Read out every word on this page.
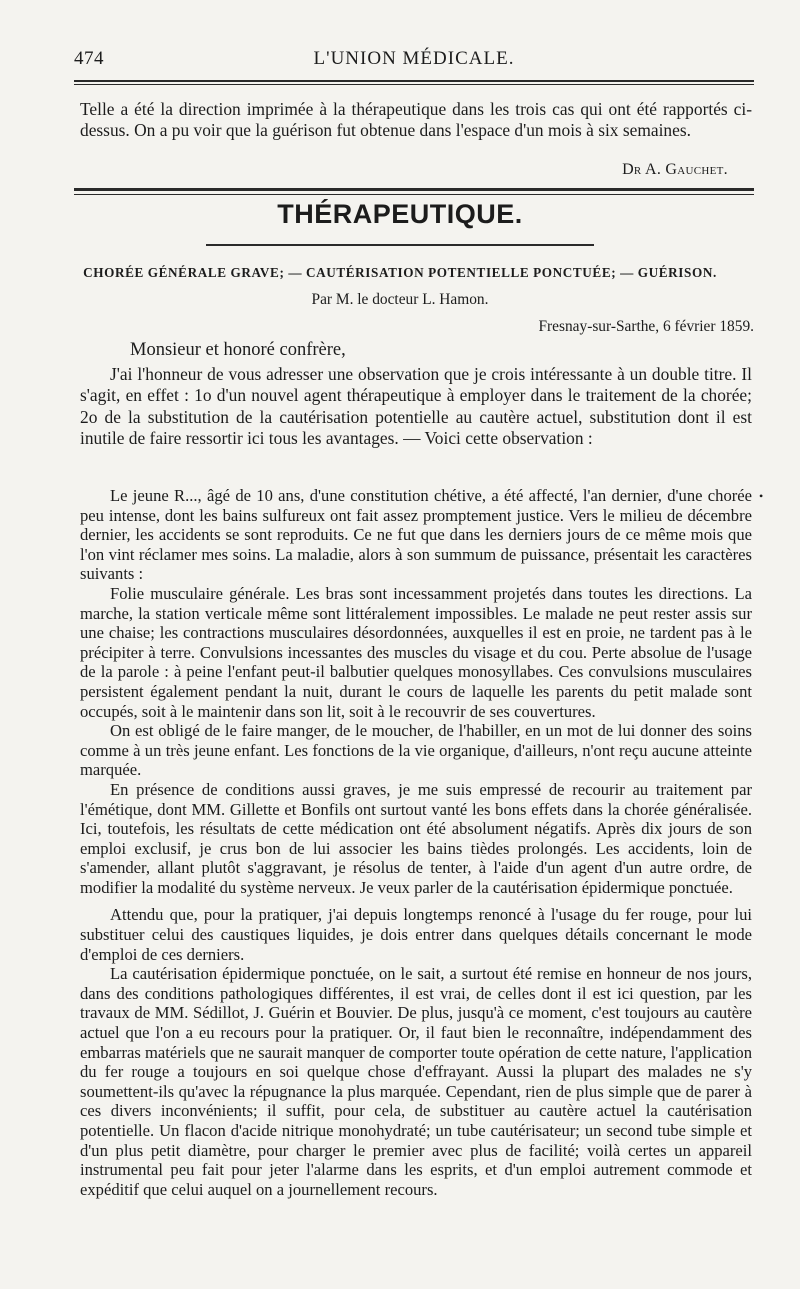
474	L'UNION MÉDICALE.
Telle a été la direction imprimée à la thérapeutique dans les trois cas qui ont été rapportés ci-dessus. On a pu voir que la guérison fut obtenue dans l'espace d'un mois à six semaines.
Dr A. Gauchet.
THÉRAPEUTIQUE.
CHORÉE GÉNÉRALE GRAVE; — CAUTÉRISATION POTENTIELLE PONCTUÉE; — GUÉRISON.
Par M. le docteur L. Hamon.
Fresnay-sur-Sarthe, 6 février 1859.
Monsieur et honoré confrère,

J'ai l'honneur de vous adresser une observation que je crois intéressante à un double titre. Il s'agit, en effet : 1o d'un nouvel agent thérapeutique à employer dans le traitement de la chorée; 2o de la substitution de la cautérisation potentielle au cautère actuel, substitution dont il est inutile de faire ressortir ici tous les avantages. — Voici cette observation :

Le jeune R..., âgé de 10 ans, d'une constitution chétive, a été affecté, l'an dernier, d'une chorée peu intense, dont les bains sulfureux ont fait assez promptement justice. Vers le milieu de décembre dernier, les accidents se sont reproduits. Ce ne fut que dans les derniers jours de ce même mois que l'on vint réclamer mes soins. La maladie, alors à son summum de puissance, présentait les caractères suivants :

Folie musculaire générale. Les bras sont incessamment projetés dans toutes les directions. La marche, la station verticale même sont littéralement impossibles. Le malade ne peut rester assis sur une chaise; les contractions musculaires désordonnées, auxquelles il est en proie, ne tardent pas à le précipiter à terre. Convulsions incessantes des muscles du visage et du cou. Perte absolue de l'usage de la parole : à peine l'enfant peut-il balbutier quelques monosyllabes. Ces convulsions musculaires persistent également pendant la nuit, durant le cours de laquelle les parents du petit malade sont occupés, soit à le maintenir dans son lit, soit à le recouvrir de ses couvertures.

On est obligé de le faire manger, de le moucher, de l'habiller, en un mot de lui donner des soins comme à un très jeune enfant. Les fonctions de la vie organique, d'ailleurs, n'ont reçu aucune atteinte marquée.

En présence de conditions aussi graves, je me suis empressé de recourir au traitement par l'émétique, dont MM. Gillette et Bonfils ont surtout vanté les bons effets dans la chorée généralisée. Ici, toutefois, les résultats de cette médication ont été absolument négatifs. Après dix jours de son emploi exclusif, je crus bon de lui associer les bains tièdes prolongés. Les accidents, loin de s'amender, allant plutôt s'aggravant, je résolus de tenter, à l'aide d'un agent d'un autre ordre, de modifier la modalité du système nerveux. Je veux parler de la cautérisation épidermique ponctuée.

Attendu que, pour la pratiquer, j'ai depuis longtemps renoncé à l'usage du fer rouge, pour lui substituer celui des caustiques liquides, je dois entrer dans quelques détails concernant le mode d'emploi de ces derniers.

La cautérisation épidermique ponctuée, on le sait, a surtout été remise en honneur de nos jours, dans des conditions pathologiques différentes, il est vrai, de celles dont il est ici question, par les travaux de MM. Sédillot, J. Guérin et Bouvier. De plus, jusqu'à ce moment, c'est toujours au cautère actuel que l'on a eu recours pour la pratiquer. Or, il faut bien le reconnaître, indépendamment des embarras matériels que ne saurait manquer de comporter toute opération de cette nature, l'application du fer rouge a toujours en soi quelque chose d'effrayant. Aussi la plupart des malades ne s'y soumettent-ils qu'avec la répugnance la plus marquée. Cependant, rien de plus simple que de parer à ces divers inconvénients; il suffit, pour cela, de substituer au cautère actuel la cautérisation potentielle. Un flacon d'acide nitrique monohydraté; un tube cautérisateur; un second tube simple et d'un plus petit diamètre, pour charger le premier avec plus de facilité; voilà certes un appareil instrumental peu fait pour jeter l'alarme dans les esprits, et d'un emploi autrement commode et expéditif que celui auquel on a journellement recours.

•
